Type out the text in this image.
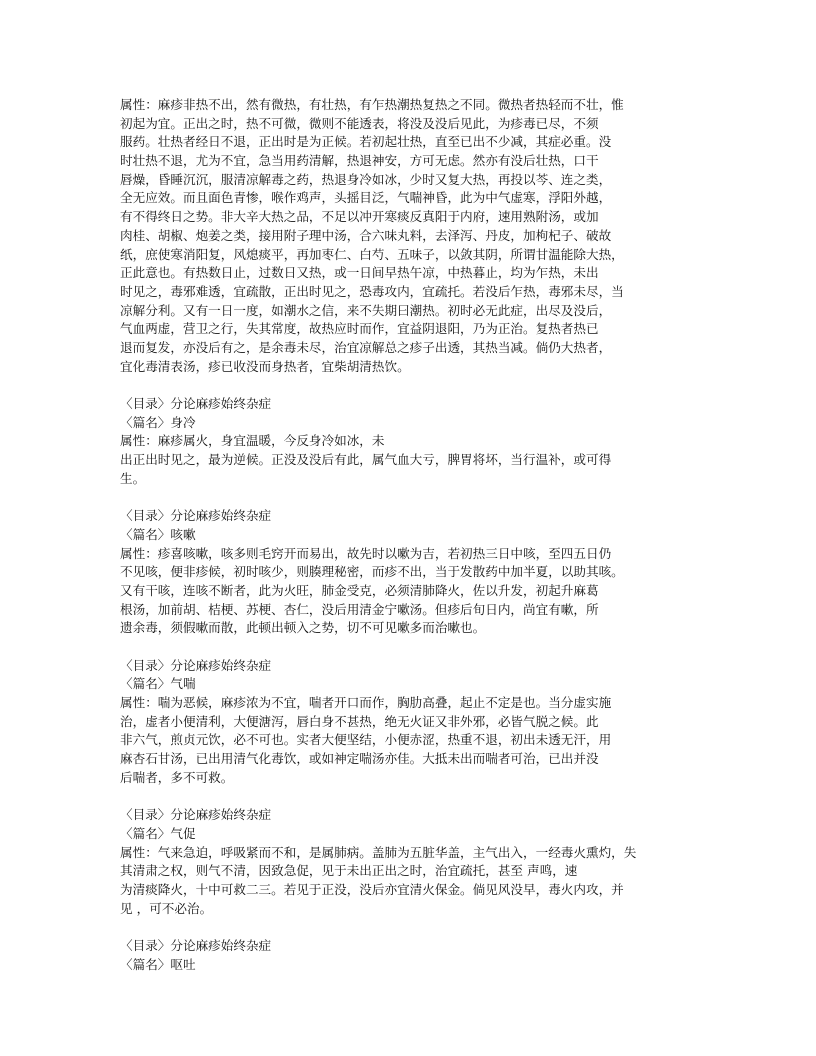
属性：麻疹非热不出，然有微热，有壮热，有乍热潮热复热之不同。微热者热轻而不壮，惟
初起为宜。正出之时，热不可微，微则不能透表，将没及没后见此，为疹毒已尽，不须
服药。壮热者经日不退，正出时是为正候。若初起壮热，直至已出不少减，其症必重。没
时壮热不退，尤为不宜，急当用药清解，热退神安，方可无虑。然亦有没后壮热，口干
唇燥，昏睡沉沉，服清凉解毒之药，热退身冷如冰，少时又复大热，再投以芩、连之类，
全无应效。而且面色青惨，喉作鸡声，头摇目泛，气喘神昏，此为中气虚寒，浮阳外越，
有不得终日之势。非大辛大热之品，不足以冲开寒痰反真阳于内府，速用熟附汤，或加
肉桂、胡椒、炮姜之类，接用附子理中汤，合六味丸料，去泽泻、丹皮，加枸杞子、破故
纸，庶使寒消阳复，风熄痰平，再加枣仁、白芍、五味子，以敛其阴，所谓甘温能除大热，
正此意也。有热数日止，过数日又热，或一日间早热午凉，中热暮止，均为乍热，未出
时见之，毒邪难透，宜疏散，正出时见之，恐毒攻内，宜疏托。若没后乍热，毒邪未尽，当
凉解分利。又有一日一度，如潮水之信，来不失期曰潮热。初时必无此症，出尽及没后，
气血两虚，营卫之行，失其常度，故热应时而作，宜益阴退阳，乃为正治。复热者热已
退而复发，亦没后有之，是余毒未尽，治宜凉解总之疹子出透，其热当减。倘仍大热者，
宜化毒清表汤，疹已收没而身热者，宜柴胡清热饮。
〈目录〉分论麻疹始终杂症
〈篇名〉身冷
属性：麻疹属火，身宜温暖，今反身冷如冰，未
出正出时见之，最为逆候。正没及没后有此，属气血大亏，脾胃将坏，当行温补，或可得
生。
〈目录〉分论麻疹始终杂症
〈篇名〉咳嗽
属性：疹喜咳嗽，咳多则毛窍开而易出，故先时以嗽为吉，若初热三日中咳，至四五日仍
不见咳，便非疹候，初时咳少，则腠理秘密，而疹不出，当于发散药中加半夏，以助其咳。
又有干咳，连咳不断者，此为火旺，肺金受克，必须清肺降火，佐以升发，初起升麻葛
根汤，加前胡、桔梗、苏梗、杏仁，没后用清金宁嗽汤。但疹后旬日内，尚宜有嗽，所
遗余毒，须假嗽而散，此顿出顿入之势，切不可见嗽多而治嗽也。
〈目录〉分论麻疹始终杂症
〈篇名〉气喘
属性：喘为恶候，麻疹浓为不宜，喘者开口而作，胸肋高叠，起止不定是也。当分虚实施
治，虚者小便清利，大便溏泻，唇白身不甚热，绝无火证又非外邪，必皆气脱之候。此
非六气，煎贞元饮，必不可也。实者大便坚结，小便赤涩，热重不退，初出未透无汗，用
麻杏石甘汤，已出用清气化毒饮，或如神定喘汤亦佳。大抵未出而喘者可治，已出并没
后喘者，多不可救。
〈目录〉分论麻疹始终杂症
〈篇名〉气促
属性：气来急迫，呼吸紧而不和，是属肺病。盖肺为五脏华盖，主气出入，一经毒火熏灼，失
其清肃之权，则气不清，因致急促，见于未出正出之时，治宜疏托，甚至 声鸣，速
为清痰降火，十中可救二三。若见于正没，没后亦宜清火保金。倘见风没早，毒火内攻，并
见 ，可不必治。
〈目录〉分论麻疹始终杂症
〈篇名〉呕吐
